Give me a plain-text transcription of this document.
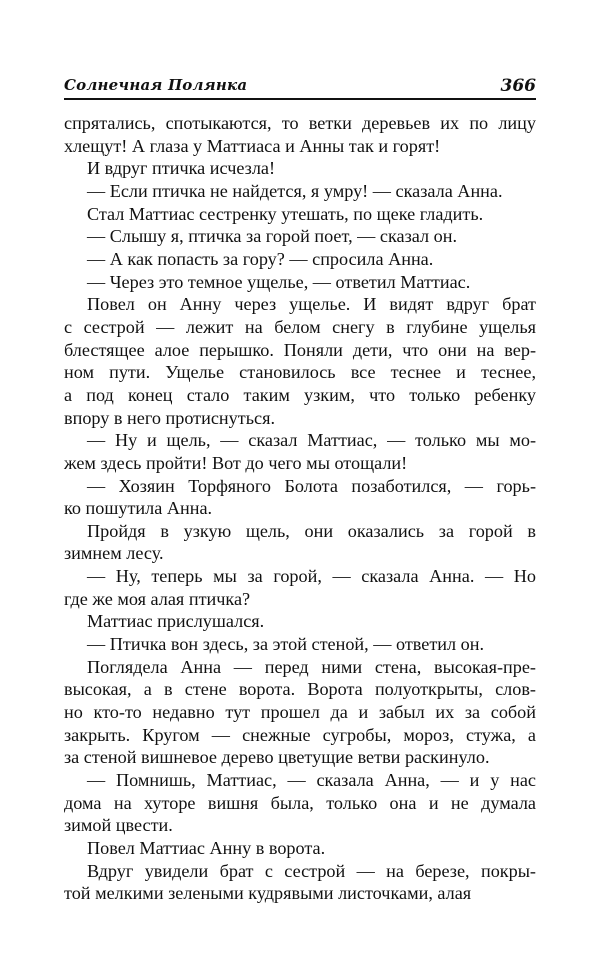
Солнечная Полянка	366

спрятались, спотыкаются, то ветки деревьев их по лицу

хлещут! А глаза у Маттиаса и Анны так и горят!

И вдруг птичка исчезла!

— Если птичка не найдется, я умру! — сказала Анна.

Стал Маттиас сестренку утешать, по щеке гладить.

— Слышу я, птичка за горой поет, — сказал он.

— А как попасть за гору? — спросила Анна.

— Через это темное ущелье, — ответил Маттиас.

Повел он Анну через ущелье. И видят вдруг брат

с сестрой — лежит на белом снегу в глубине ущелья

блестящее алое перышко. Поняли дети, что они на вер-

ном пути. Ущелье становилось все теснее и теснее,

а под конец стало таким узким, что только ребенку

впору в него протиснуться.

— Ну и щель, — сказал Маттиас, — только мы мо-

жем здесь пройти! Вот до чего мы отощали!

— Хозяин Торфяного Болота позаботился, — горь-

ко пошутила Анна.

Пройдя в узкую щель, они оказались за горой в

зимнем лесу.

— Ну, теперь мы за горой, — сказала Анна. — Но

где же моя алая птичка?

Маттиас прислушался.

— Птичка вон здесь, за этой стеной, — ответил он.

Поглядела Анна — перед ними стена, высокая-пре-

высокая, а в стене ворота. Ворота полуоткрыты, слов-

но кто-то недавно тут прошел да и забыл их за собой

закрыть. Кругом — снежные сугробы, мороз, стужа, а

за стеной вишневое дерево цветущие ветви раскинуло.

— Помнишь, Маттиас, — сказала Анна, — и у нас

дома на хуторе вишня была, только она и не думала

зимой цвести.

Повел Маттиас Анну в ворота.

Вдруг увидели брат с сестрой — на березе, покры-

той мелкими зелеными кудрявыми листочками, алая
